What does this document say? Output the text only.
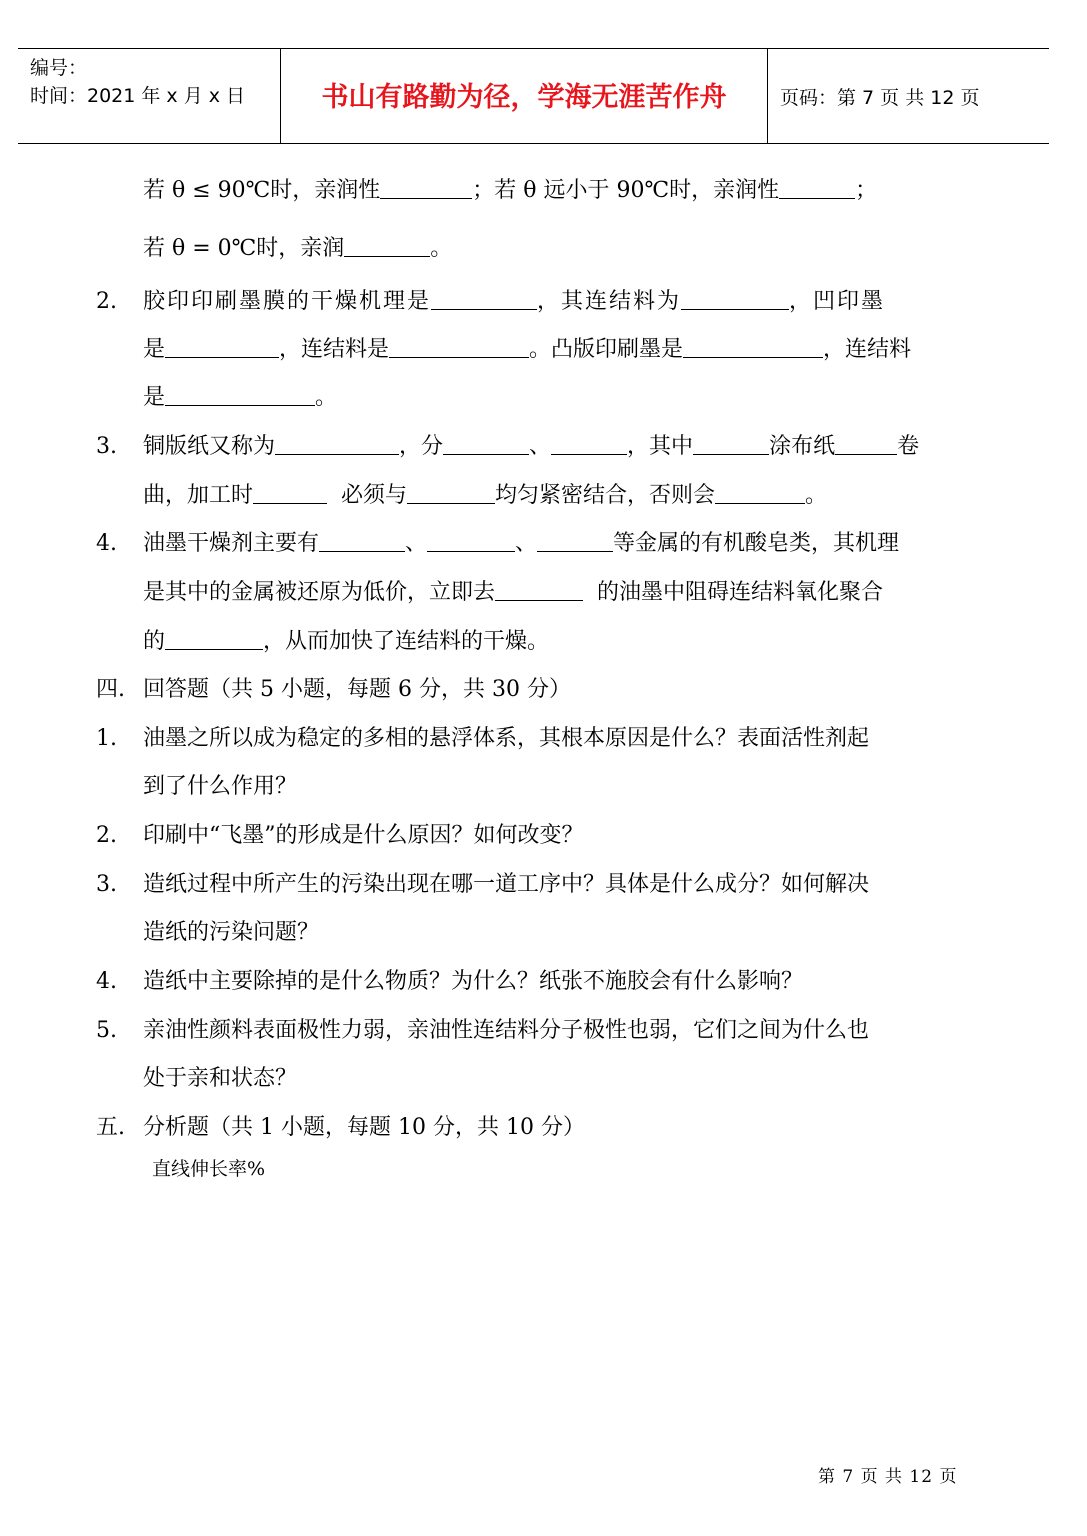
编号：
时间：2021 年 x 月 x 日	书山有路勤为径，学海无涯苦作舟	页码：第 7 页 共 12 页
若 θ ≤ 90℃时，亲润性	；若 θ 远小于 90℃时，亲润性	；
若 θ = 0℃时，亲润	。
2. 胶印印刷墨膜的干燥机理是	，其连结料为	，凹印墨
是	，连结料是	。凸版印刷墨是	，连结料
是	。
3. 铜版纸又称为	，分	、	，其中	涂布纸	卷
曲，加工时	必须与	均匀紧密结合，否则会	。
4. 油墨干燥剂主要有	、	、	等金属的有机酸皂类，其机理
是其中的金属被还原为低价，立即去	的油墨中阻碍连结料氧化聚合
的	，从而加快了连结料的干燥。
四. 回答题（共 5 小题，每题 6 分，共 30 分）
1. 油墨之所以成为稳定的多相的悬浮体系，其根本原因是什么？表面活性剂起
到了什么作用？
2. 印刷中“飞墨”的形成是什么原因？如何改变？
3. 造纸过程中所产生的污染出现在哪一道工序中？具体是什么成分？如何解决
造纸的污染问题？
4. 造纸中主要除掉的是什么物质？为什么？纸张不施胶会有什么影响？
5. 亲油性颜料表面极性力弱，亲油性连结料分子极性也弱，它们之间为什么也
处于亲和状态？
五. 分析题（共 1 小题，每题 10 分，共 10 分）
直线伸长率%
第 7 页 共 12 页
